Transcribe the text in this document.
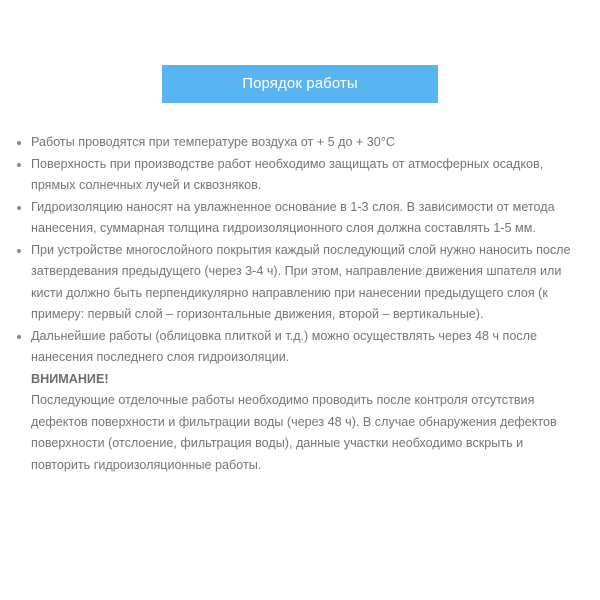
Порядок работы
Работы проводятся при температуре воздуха от + 5 до + 30°С
Поверхность при производстве работ необходимо защищать от атмосферных осадков, прямых солнечных лучей и сквозняков.
Гидроизоляцию наносят на увлажненное основание в 1-3 слоя. В зависимости от метода нанесения, суммарная толщина гидроизоляционного слоя должна составлять 1-5 мм.
При устройстве многослойного покрытия каждый последующий слой нужно наносить после затвердевания предыдущего (через 3-4 ч). При этом, направление движения шпателя или кисти должно быть перпендикулярно направлению при нанесении предыдущего слоя (к примеру: первый слой – горизонтальные движения, второй – вертикальные).
Дальнейшие работы (облицовка плиткой и т.д.) можно осуществлять через 48 ч после нанесения последнего слоя гидроизоляции.
ВНИМАНИЕ!
Последующие отделочные работы необходимо проводить после контроля отсутствия дефектов поверхности и фильтрации воды (через 48 ч). В случае обнаружения дефектов поверхности (отслоение, фильтрация воды), данные участки необходимо вскрыть и повторить гидроизоляционные работы.
